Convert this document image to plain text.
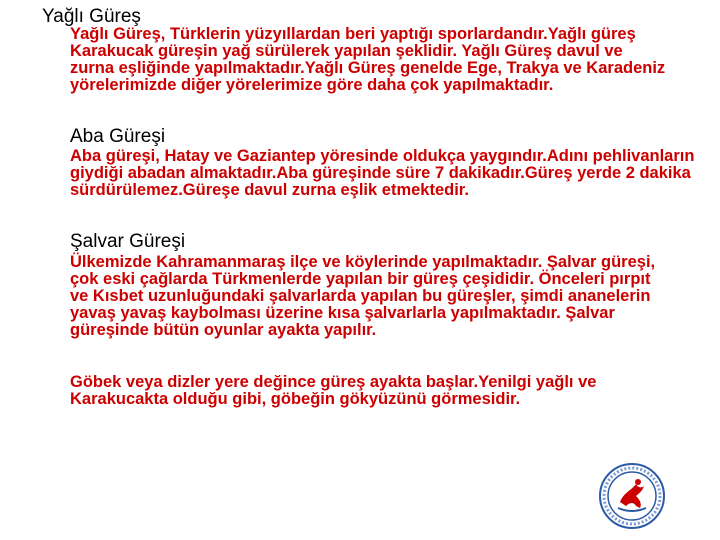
Yağlı Güreş
Yağlı Güreş, Türklerin yüzyıllardan beri yaptığı sporlardandır.Yağlı güreş Karakucak güreşin yağ sürülerek yapılan şeklidir. Yağlı Güreş davul ve zurna eşliğinde yapılmaktadır.Yağlı Güreş genelde Ege, Trakya ve Karadeniz yörelerimizde diğer yörelerimize göre daha çok yapılmaktadır.
Aba Güreşi
Aba güreşi, Hatay ve Gaziantep yöresinde oldukça yaygındır.Adını pehlivanların giydiği abadan almaktadır.Aba güreşinde süre 7 dakikadır.Güreş yerde 2 dakika sürdürülemez.Güreşe davul zurna eşlik etmektedir.
Şalvar Güreşi
Ülkemizde Kahramanmaraş ilçe ve köylerinde yapılmaktadır. Şalvar güreşi, çok eski çağlarda Türkmenlerde yapılan bir güreş çeşididir. Önceleri pırpıt ve Kısbet uzunluğundaki şalvarlarda yapılan bu güreşler, şimdi ananelerin yavaş yavaş kaybolması üzerine kısa şalvarlarla yapılmaktadır. Şalvar güreşinde bütün oyunlar ayakta yapılır.
Göbek veya dizler yere değince güreş ayakta başlar.Yenilgi yağlı ve Karakucakta olduğu gibi, göbeğin gökyüzünü görmesidir.
